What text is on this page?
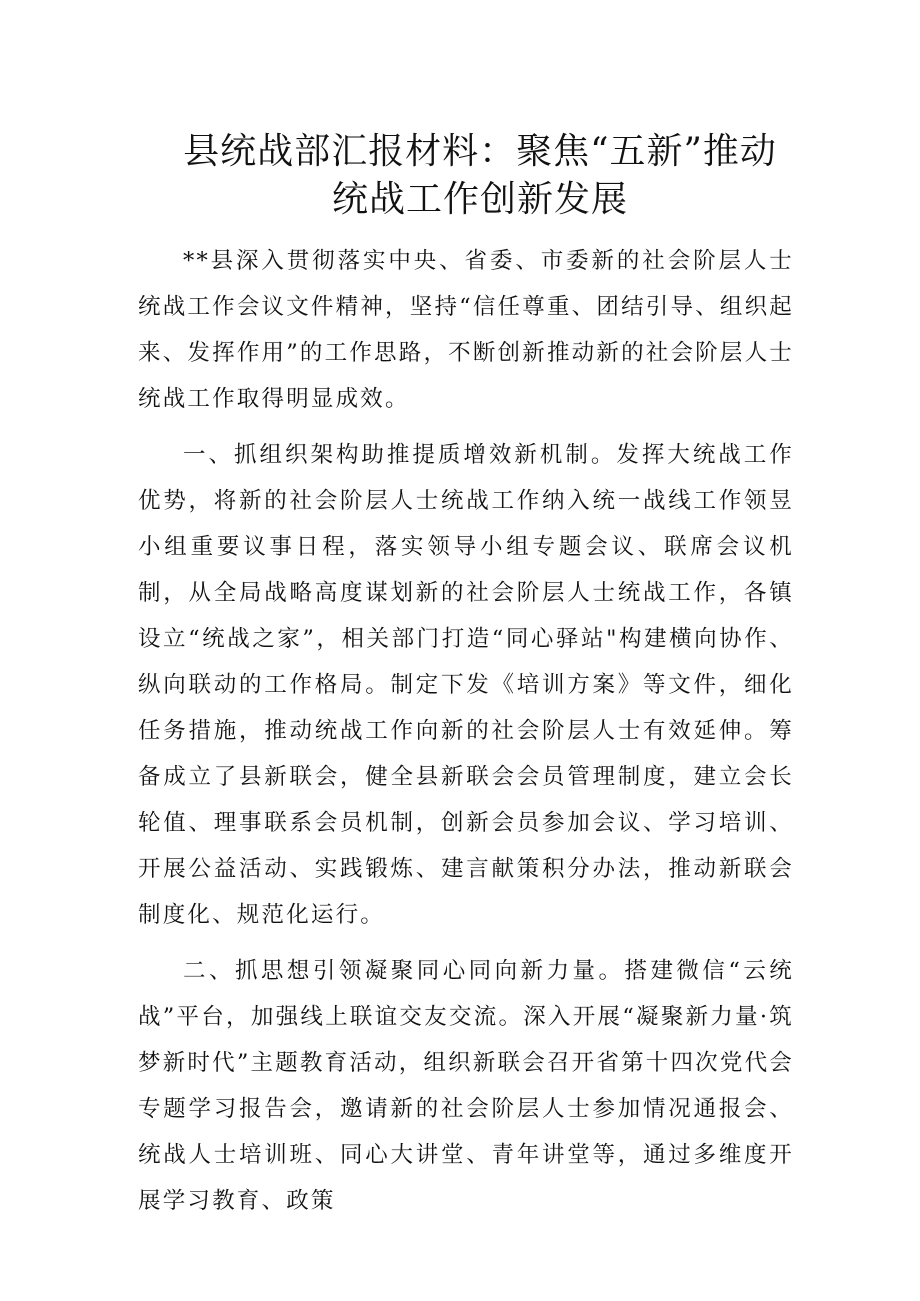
县统战部汇报材料：聚焦“五新”推动
统战工作创新发展

**县深入贯彻落实中央、省委、市委新的社会阶层人士统战工作会议文件精神，坚持“信任尊重、团结引导、组织起来、发挥作用”的工作思路，不断创新推动新的社会阶层人士统战工作取得明显成效。

一、抓组织架构助推提质增效新机制。发挥大统战工作优势，将新的社会阶层人士统战工作纳入统一战线工作领昱小组重要议事日程，落实领导小组专题会议、联席会议机制，从全局战略高度谋划新的社会阶层人士统战工作，各镇设立“统战之家”，相关部门打造“同心驿站"构建横向协作、纵向联动的工作格局。制定下发《培训方案》等文件，细化任务措施，推动统战工作向新的社会阶层人士有效延伸。筹备成立了县新联会，健全县新联会会员管理制度，建立会长轮值、理事联系会员机制，创新会员参加会议、学习培训、开展公益活动、实践锻炼、建言献策积分办法，推动新联会制度化、规范化运行。

二、抓思想引领凝聚同心同向新力量。搭建微信“云统战”平台，加强线上联谊交友交流。深入开展“凝聚新力量·筑梦新时代”主题教育活动，组织新联会召开省第十四次党代会专题学习报告会，邀请新的社会阶层人士参加情况通报会、统战人士培训班、同心大讲堂、青年讲堂等，通过多维度开展学习教育、政策
